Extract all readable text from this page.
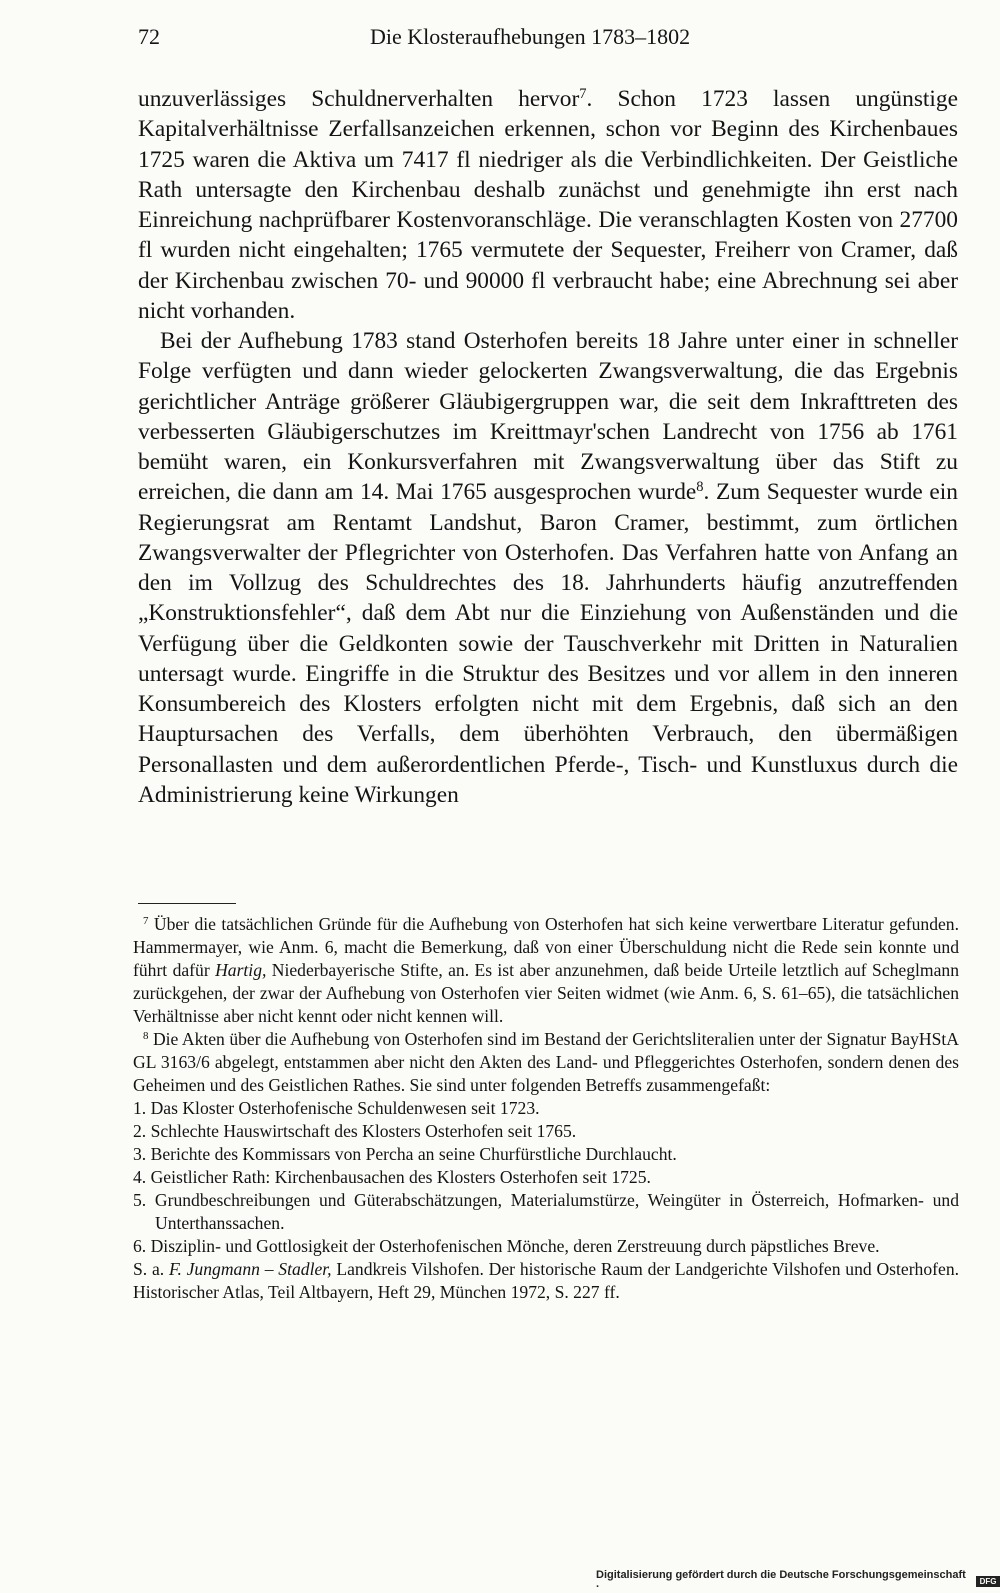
72	Die Klosteraufhebungen 1783–1802

unzuverlässiges Schuldnerverhalten hervor$^7$. Schon 1723 lassen ungünstige Kapitalverhältnisse Zerfallsanzeichen erkennen, schon vor Beginn des Kirchenbaues 1725 waren die Aktiva um 7417 fl niedriger als die Verbindlichkeiten. Der Geistliche Rath untersagte den Kirchenbau deshalb zunächst und genehmigte ihn erst nach Einreichung nachprüfbarer Kostenvoranschläge. Die veranschlagten Kosten von 27700 fl wurden nicht eingehalten; 1765 vermutete der Sequester, Freiherr von Cramer, daß der Kirchenbau zwischen 70- und 90000 fl verbraucht habe; eine Abrechnung sei aber nicht vorhanden.

Bei der Aufhebung 1783 stand Osterhofen bereits 18 Jahre unter einer in schneller Folge verfügten und dann wieder gelockerten Zwangsverwaltung, die das Ergebnis gerichtlicher Anträge größerer Gläubigergruppen war, die seit dem Inkrafttreten des verbesserten Gläubigerschutzes im Kreittmayr'schen Landrecht von 1756 ab 1761 bemüht waren, ein Konkursverfahren mit Zwangsverwaltung über das Stift zu erreichen, die dann am 14. Mai 1765 ausgesprochen wurde$^8$. Zum Sequester wurde ein Regierungsrat am Rentamt Landshut, Baron Cramer, bestimmt, zum örtlichen Zwangsverwalter der Pflegrichter von Osterhofen. Das Verfahren hatte von Anfang an den im Vollzug des Schuldrechtes des 18. Jahrhunderts häufig anzutreffenden „Konstruktionsfehler“, daß dem Abt nur die Einziehung von Außenständen und die Verfügung über die Geldkonten sowie der Tauschverkehr mit Dritten in Naturalien untersagt wurde. Eingriffe in die Struktur des Besitzes und vor allem in den inneren Konsumbereich des Klosters erfolgten nicht mit dem Ergebnis, daß sich an den Hauptursachen des Verfalls, dem überhöhten Verbrauch, den übermäßigen Personallasten und dem außerordentlichen Pferde-, Tisch- und Kunstluxus durch die Administrierung keine Wirkungen

$^7$ Über die tatsächlichen Gründe für die Aufhebung von Osterhofen hat sich keine verwertbare Literatur gefunden. Hammermayer, wie Anm. 6, macht die Bemerkung, daß von einer Überschuldung nicht die Rede sein konnte und führt dafür Hartig, Niederbayerische Stifte, an. Es ist aber anzunehmen, daß beide Urteile letztlich auf Scheglmann zurückgehen, der zwar der Aufhebung von Osterhofen vier Seiten widmet (wie Anm. 6, S. 61–65), die tatsächlichen Verhältnisse aber nicht kennt oder nicht kennen will.

$^8$ Die Akten über die Aufhebung von Osterhofen sind im Bestand der Gerichtsliteralien unter der Signatur BayHStA GL 3163/6 abgelegt, entstammen aber nicht den Akten des Land- und Pfleggerichtes Osterhofen, sondern denen des Geheimen und des Geistlichen Rathes. Sie sind unter folgenden Betreffs zusammengefaßt:

1. Das Kloster Osterhofenische Schuldenwesen seit 1723.
2. Schlechte Hauswirtschaft des Klosters Osterhofen seit 1765.
3. Berichte des Kommissars von Percha an seine Churfürstliche Durchlaucht.
4. Geistlicher Rath: Kirchenbausachen des Klosters Osterhofen seit 1725.
5. Grundbeschreibungen und Güterabschätzungen, Materialumstürze, Weingüter in Österreich, Hofmarken- und Unterthanssachen.
6. Disziplin- und Gottlosigkeit der Osterhofenischen Mönche, deren Zerstreuung durch päpstliches Breve.

S. a. F. Jungmann – Stadler, Landkreis Vilshofen. Der historische Raum der Landgerichte Vilshofen und Osterhofen. Historischer Atlas, Teil Altbayern, Heft 29, München 1972, S. 227 ff.

Digitalisierung gefördert durch die Deutsche Forschungsgemeinschaft ·	DFG
